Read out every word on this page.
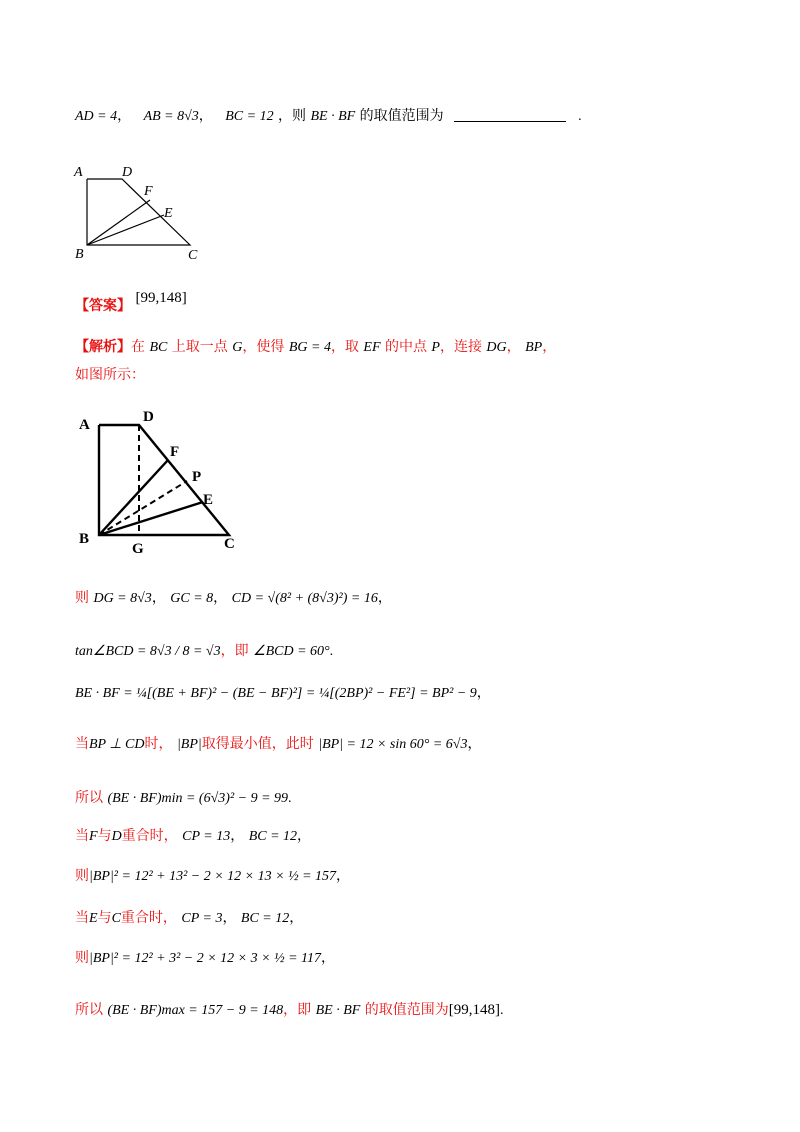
AD = 4， AB = 8√3， BC = 12 ，则 BE · BF 的取值范围为	.
A	D
F
E
B	C
【答案】 [99,148]
【解析】在 BC 上取一点 G，使得 BG = 4，取 EF 的中点 P，连接 DG， BP，
如图所示：
A	D
F
P
E
B
G	C
则 DG = 8√3， GC = 8， CD = √(8² + (8√3)²) = 16，
tan∠BCD = 8√3 / 8 = √3，即 ∠BCD = 60°.
BE · BF = ¼[(BE + BF)² − (BE − BF)²] = ¼[(2BP)² − FE²] = BP² − 9，
当BP ⊥ CD时， |BP|取得最小值，此时 |BP| = 12 × sin 60° = 6√3，
所以 (BE · BF)min = (6√3)² − 9 = 99.
当F与D重合时， CP = 13， BC = 12，
则|BP|² = 12² + 13² − 2 × 12 × 13 × ½ = 157，
当E与C重合时， CP = 3， BC = 12，
则|BP|² = 12² + 3² − 2 × 12 × 3 × ½ = 117，
所以 (BE · BF)max = 157 − 9 = 148，即 BE · BF 的取值范围为[99,148].
